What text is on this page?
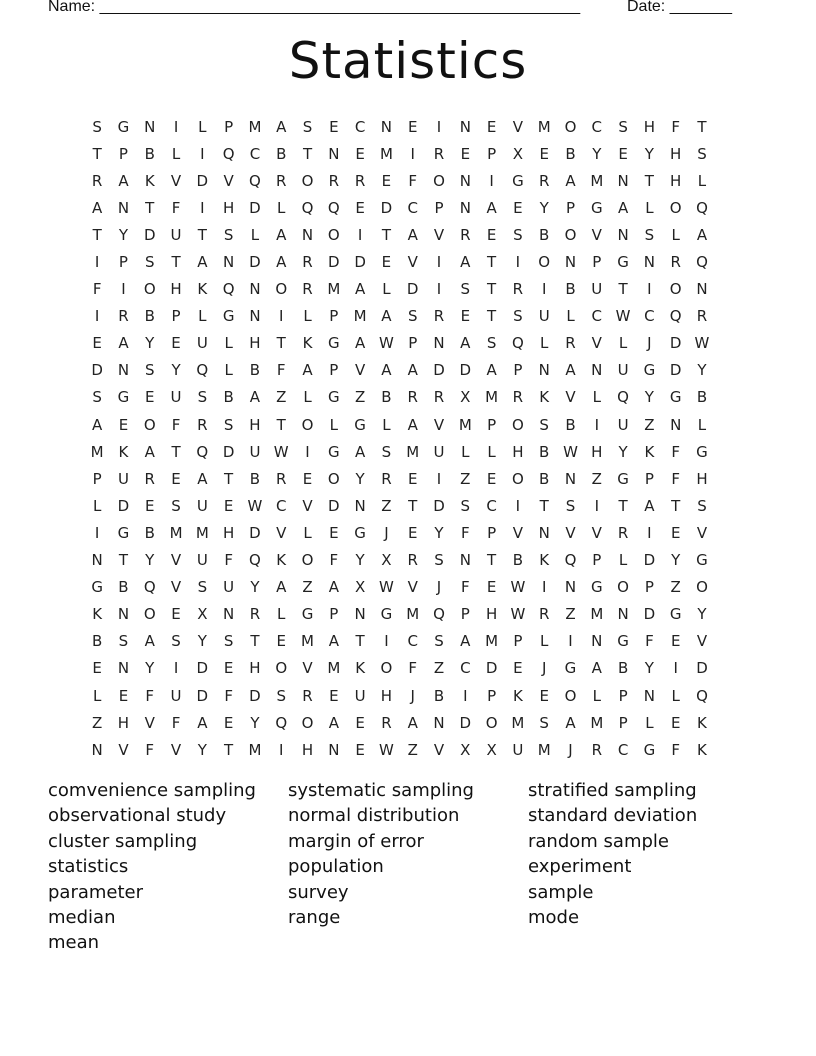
Name: ______________________________________________________	Date: _______
Statistics
S	G N	I	L	P	M A	S	E	C	N	E	I	N	E	V M O	C	S	H	F	T
T	P	B	L	I	Q	C	B	T	N	E	M	I	R	E	P	X	E	B	Y	E	Y	H	S
R	A	K	V	D	V	Q	R	O	R	R	E	F	O N	I	G	R	A M N	T	H	L
A	N	T	F	I	H D	L	Q Q	E	D	C	P	N	A	E	Y	P	G	A	L	O Q
T	Y	D	U	T	S	L	A	N O	I	T	A	V	R	E	S	B	O	V	N	S	L	A
I	P	S	T	A	N D	A	R	D D	E	V	I	A	T	I	O N	P	G N	R	Q
F	I	O H	K	Q N O	R M A	L	D	I	S	T	R	I	B	U	T	I	O N
I	R	B	P	L	G N	I	L	P	M A	S	R	E	T	S	U	L	C W C	Q	R
E	A	Y	E	U	L	H	T	K	G	A W P	N	A	S	Q	L	R	V	L	J	D W
D N	S	Y	Q	L	B	F	A	P	V	A	A	D D	A	P	N	A	N	U G D	Y
S	G	E	U	S	B	A	Z	L	G	Z	B	R	R	X M R	K	V	L	Q	Y	G	B
A	E	O	F	R	S	H	T	O	L	G	L	A	V M	P	O	S	B	I	U	Z	N	L
M K	A	T	Q D	U W	I	G	A	S	M U	L	L	H	B W H	Y	K	F	G
P	U	R	E	A	T	B	R	E	O	Y	R	E	I	Z	E	O	B	N	Z	G	P	F	H
L	D	E	S	U	E W C	V	D N	Z	T	D	S	C	I	T	S	I	T	A	T	S
I	G	B M M H D	V	L	E	G	J	E	Y	F	P	V	N	V	V	R	I	E	V
N	T	Y	V	U	F	Q	K	O	F	Y	X	R	S	N	T	B	K	Q	P	L	D	Y	G
G	B	Q	V	S	U	Y	A	Z	A	X W V	J	F	E W	I	N G O	P	Z	O
K	N O	E	X	N	R	L	G	P	N G M Q	P	H W R	Z M N D G	Y
B	S	A	S	Y	S	T	E	M A	T	I	C	S	A M	P	L	I	N G	F	E	V
E	N	Y	I	D	E	H O	V M K	O	F	Z	C	D	E	J	G	A	B	Y	I	D
L	E	F	U	D	F	D	S	R	E	U	H	J	B	I	P	K	E	O	L	P	N	L	Q
Z	H	V	F	A	E	Y	Q O	A	E	R	A	N D O M	S	A M	P	L	E	K
N	V	F	V	Y	T	M	I	H	N	E W Z	V	X	X	U M	J	R	C	G	F	K
comvenience sampling	systematic sampling	stratified sampling
observational study	normal distribution	standard deviation
cluster sampling	margin of error	random sample
statistics	population	experiment
parameter	survey	sample
median	range	mode
mean
